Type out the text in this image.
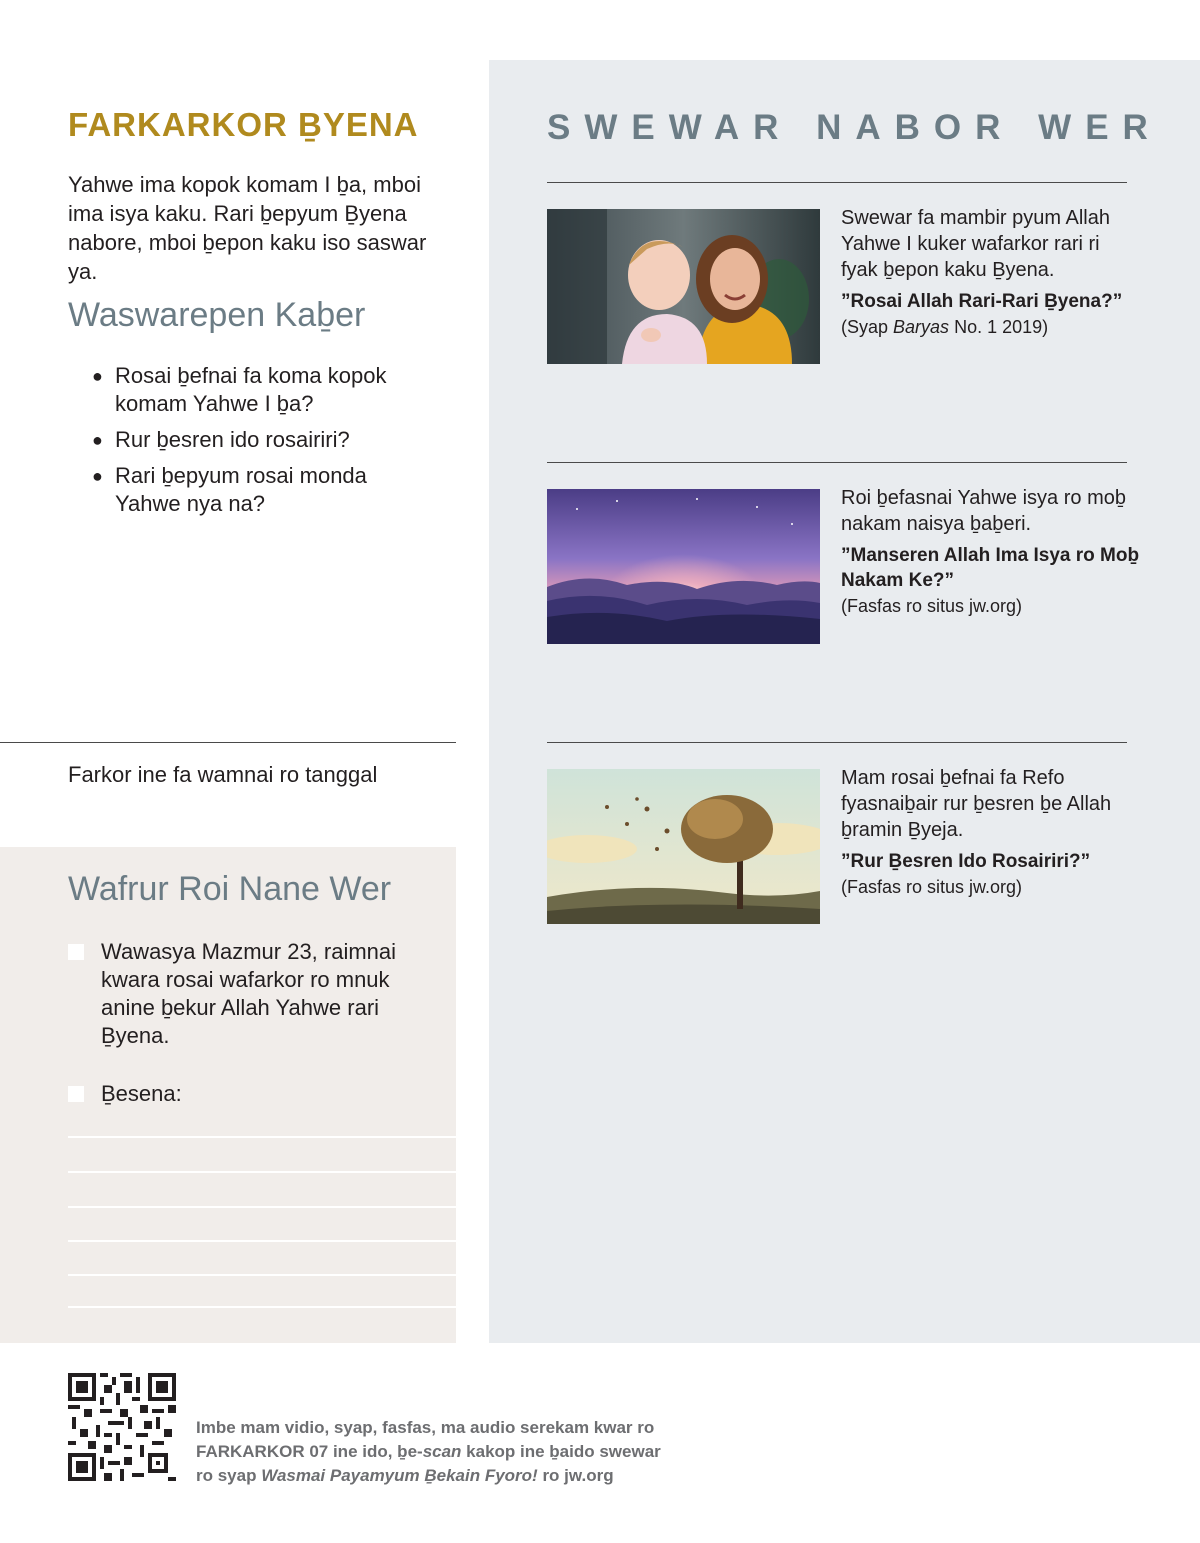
FARKARKOR ḆYENA

Yahwe ima kopok komam I ḇa, mboi ima isya kaku. Rari ḇepyum Ḇyena nabore, mboi ḇepon kaku iso saswar ya.

Waswarepen Kaḇer
● Rosai ḇefnai fa koma kopok komam Yahwe I ḇa?
● Rur ḇesren ido rosairiri?
● Rari ḇepyum rosai monda Yahwe nya na?

Farkor ine fa wamnai ro tanggal

Wafrur Roi Nane Wer
Wawasya Mazmur 23, raimnai kwara rosai wafarkor ro mnuk anine ḇekur Allah Yahwe rari Ḇyena.
Ḇesena:
SWEWAR NABOR WER

Swewar fa mambir pyum Allah Yahwe I kuker wafarkor rari ri fyak ḇepon kaku Ḇyena.

”Rosai Allah Rari-Rari Ḇyena?”

(Syap Baryas No. 1 2019)

Roi ḇefasnai Yahwe isya ro moḇ nakam naisya ḇaḇeri.

”Manseren Allah Ima Isya ro Moḇ Nakam Ke?”

(Fasfas ro situs jw.org)

Mam rosai ḇefnai fa Refo fyasnaiḇair rur ḇesren ḇe Allah ḇramin Ḇyeja.

”Rur Ḇesren Ido Rosairiri?”

(Fasfas ro situs jw.org)

Imbe mam vidio, syap, fasfas, ma audio serekam kwar ro
FARKARKOR 07 ine ido, ḇe-scan kakop ine ḇaido swewar
ro syap Wasmai Payamyum Ḇekain Fyoro! ro jw.org
